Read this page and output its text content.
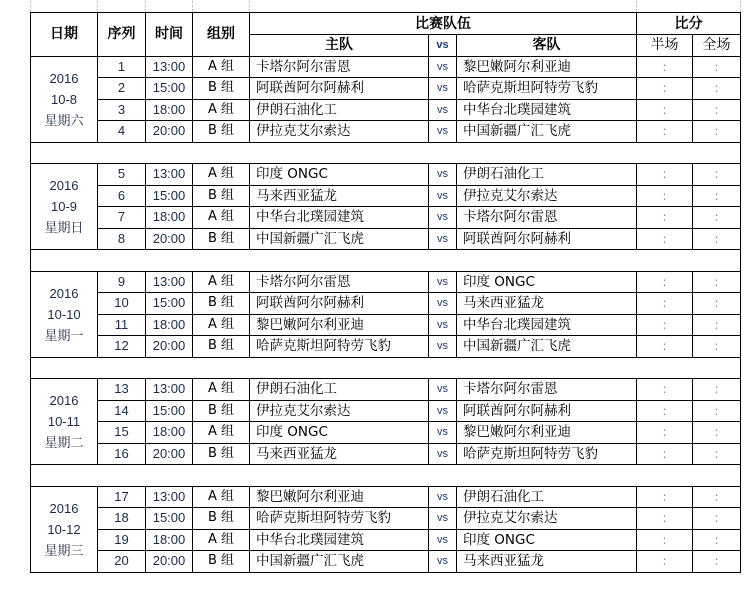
日期	序列	时间	组别	比赛队伍			比分	
				主队	vs	客队	半场	全场

2016
10-8
星期六	1	13:00	A 组	卡塔尔阿尔雷恩	vs	黎巴嫩阿尔利亚迪	:	:
	2	15:00	B 组	阿联酋阿尔阿赫利	vs	哈萨克斯坦阿特劳飞豹	:	:
	3	18:00	A 组	伊朗石油化工	vs	中华台北璞园建筑	:	:
	4	20:00	B 组	伊拉克艾尔索达	vs	中国新疆广汇飞虎	:	:

2016
10-9
星期日	5	13:00	A 组	印度 ONGC	vs	伊朗石油化工	:	:
	6	15:00	B 组	马来西亚猛龙	vs	伊拉克艾尔索达	:	:
	7	18:00	A 组	中华台北璞园建筑	vs	卡塔尔阿尔雷恩	:	:
	8	20:00	B 组	中国新疆广汇飞虎	vs	阿联酋阿尔阿赫利	:	:

2016
10-10
星期一	9	13:00	A 组	卡塔尔阿尔雷恩	vs	印度 ONGC	:	:
	10	15:00	B 组	阿联酋阿尔阿赫利	vs	马来西亚猛龙	:	:
	11	18:00	A 组	黎巴嫩阿尔利亚迪	vs	中华台北璞园建筑	:	:
	12	20:00	B 组	哈萨克斯坦阿特劳飞豹	vs	中国新疆广汇飞虎	:	:

2016
10-11
星期二	13	13:00	A 组	伊朗石油化工	vs	卡塔尔阿尔雷恩	:	:
	14	15:00	B 组	伊拉克艾尔索达	vs	阿联酋阿尔阿赫利	:	:
	15	18:00	A 组	印度 ONGC	vs	黎巴嫩阿尔利亚迪	:	:
	16	20:00	B 组	马来西亚猛龙	vs	哈萨克斯坦阿特劳飞豹	:	:

2016
10-12
星期三	17	13:00	A 组	黎巴嫩阿尔利亚迪	vs	伊朗石油化工	:	:
	18	15:00	B 组	哈萨克斯坦阿特劳飞豹	vs	伊拉克艾尔索达	:	:
	19	18:00	A 组	中华台北璞园建筑	vs	印度 ONGC	:	:
	20	20:00	B 组	中国新疆广汇飞虎	vs	马来西亚猛龙	:	:
